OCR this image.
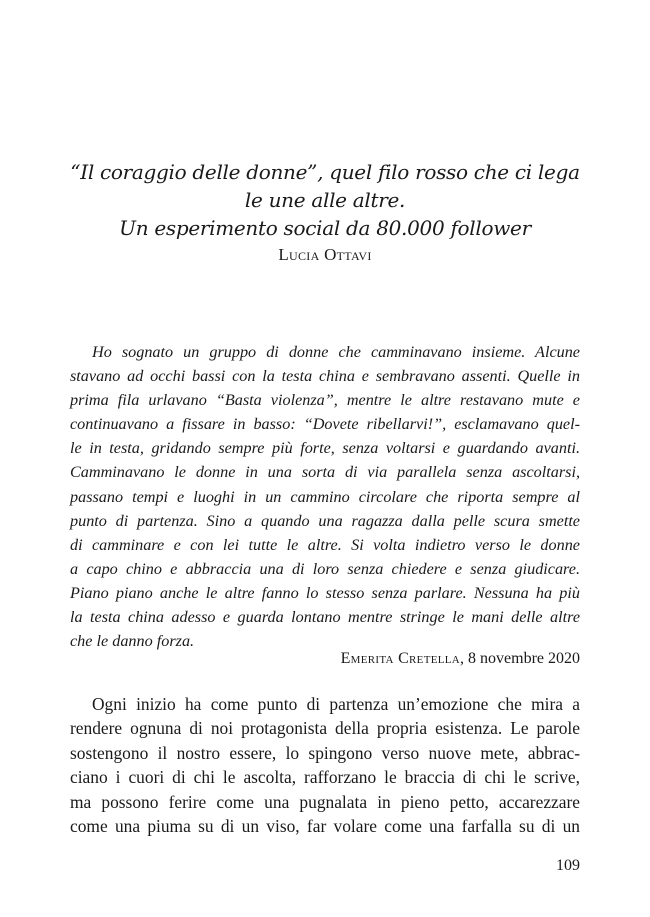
“Il coraggio delle donne”, quel filo rosso che ci lega
le une alle altre.
Un esperimento social da 80.000 follower
Lucia Ottavi
Ho sognato un gruppo di donne che camminavano insieme. Alcune
stavano ad occhi bassi con la testa china e sembravano assenti. Quelle in
prima fila urlavano “Basta violenza”, mentre le altre restavano mute e
continuavano a fissare in basso: “Dovete ribellarvi!”, esclamavano quel-
le in testa, gridando sempre più forte, senza voltarsi e guardando avanti.
Camminavano le donne in una sorta di via parallela senza ascoltarsi,
passano tempi e luoghi in un cammino circolare che riporta sempre al
punto di partenza. Sino a quando una ragazza dalla pelle scura smette
di camminare e con lei tutte le altre. Si volta indietro verso le donne
a capo chino e abbraccia una di loro senza chiedere e senza giudicare.
Piano piano anche le altre fanno lo stesso senza parlare. Nessuna ha più
la testa china adesso e guarda lontano mentre stringe le mani delle altre
che le danno forza.
Emerita Cretella, 8 novembre 2020
Ogni inizio ha come punto di partenza un’emozione che mira a
rendere ognuna di noi protagonista della propria esistenza. Le parole
sostengono il nostro essere, lo spingono verso nuove mete, abbrac-
ciano i cuori di chi le ascolta, rafforzano le braccia di chi le scrive,
ma possono ferire come una pugnalata in pieno petto, accarezzare
come una piuma su di un viso, far volare come una farfalla su di un
109
